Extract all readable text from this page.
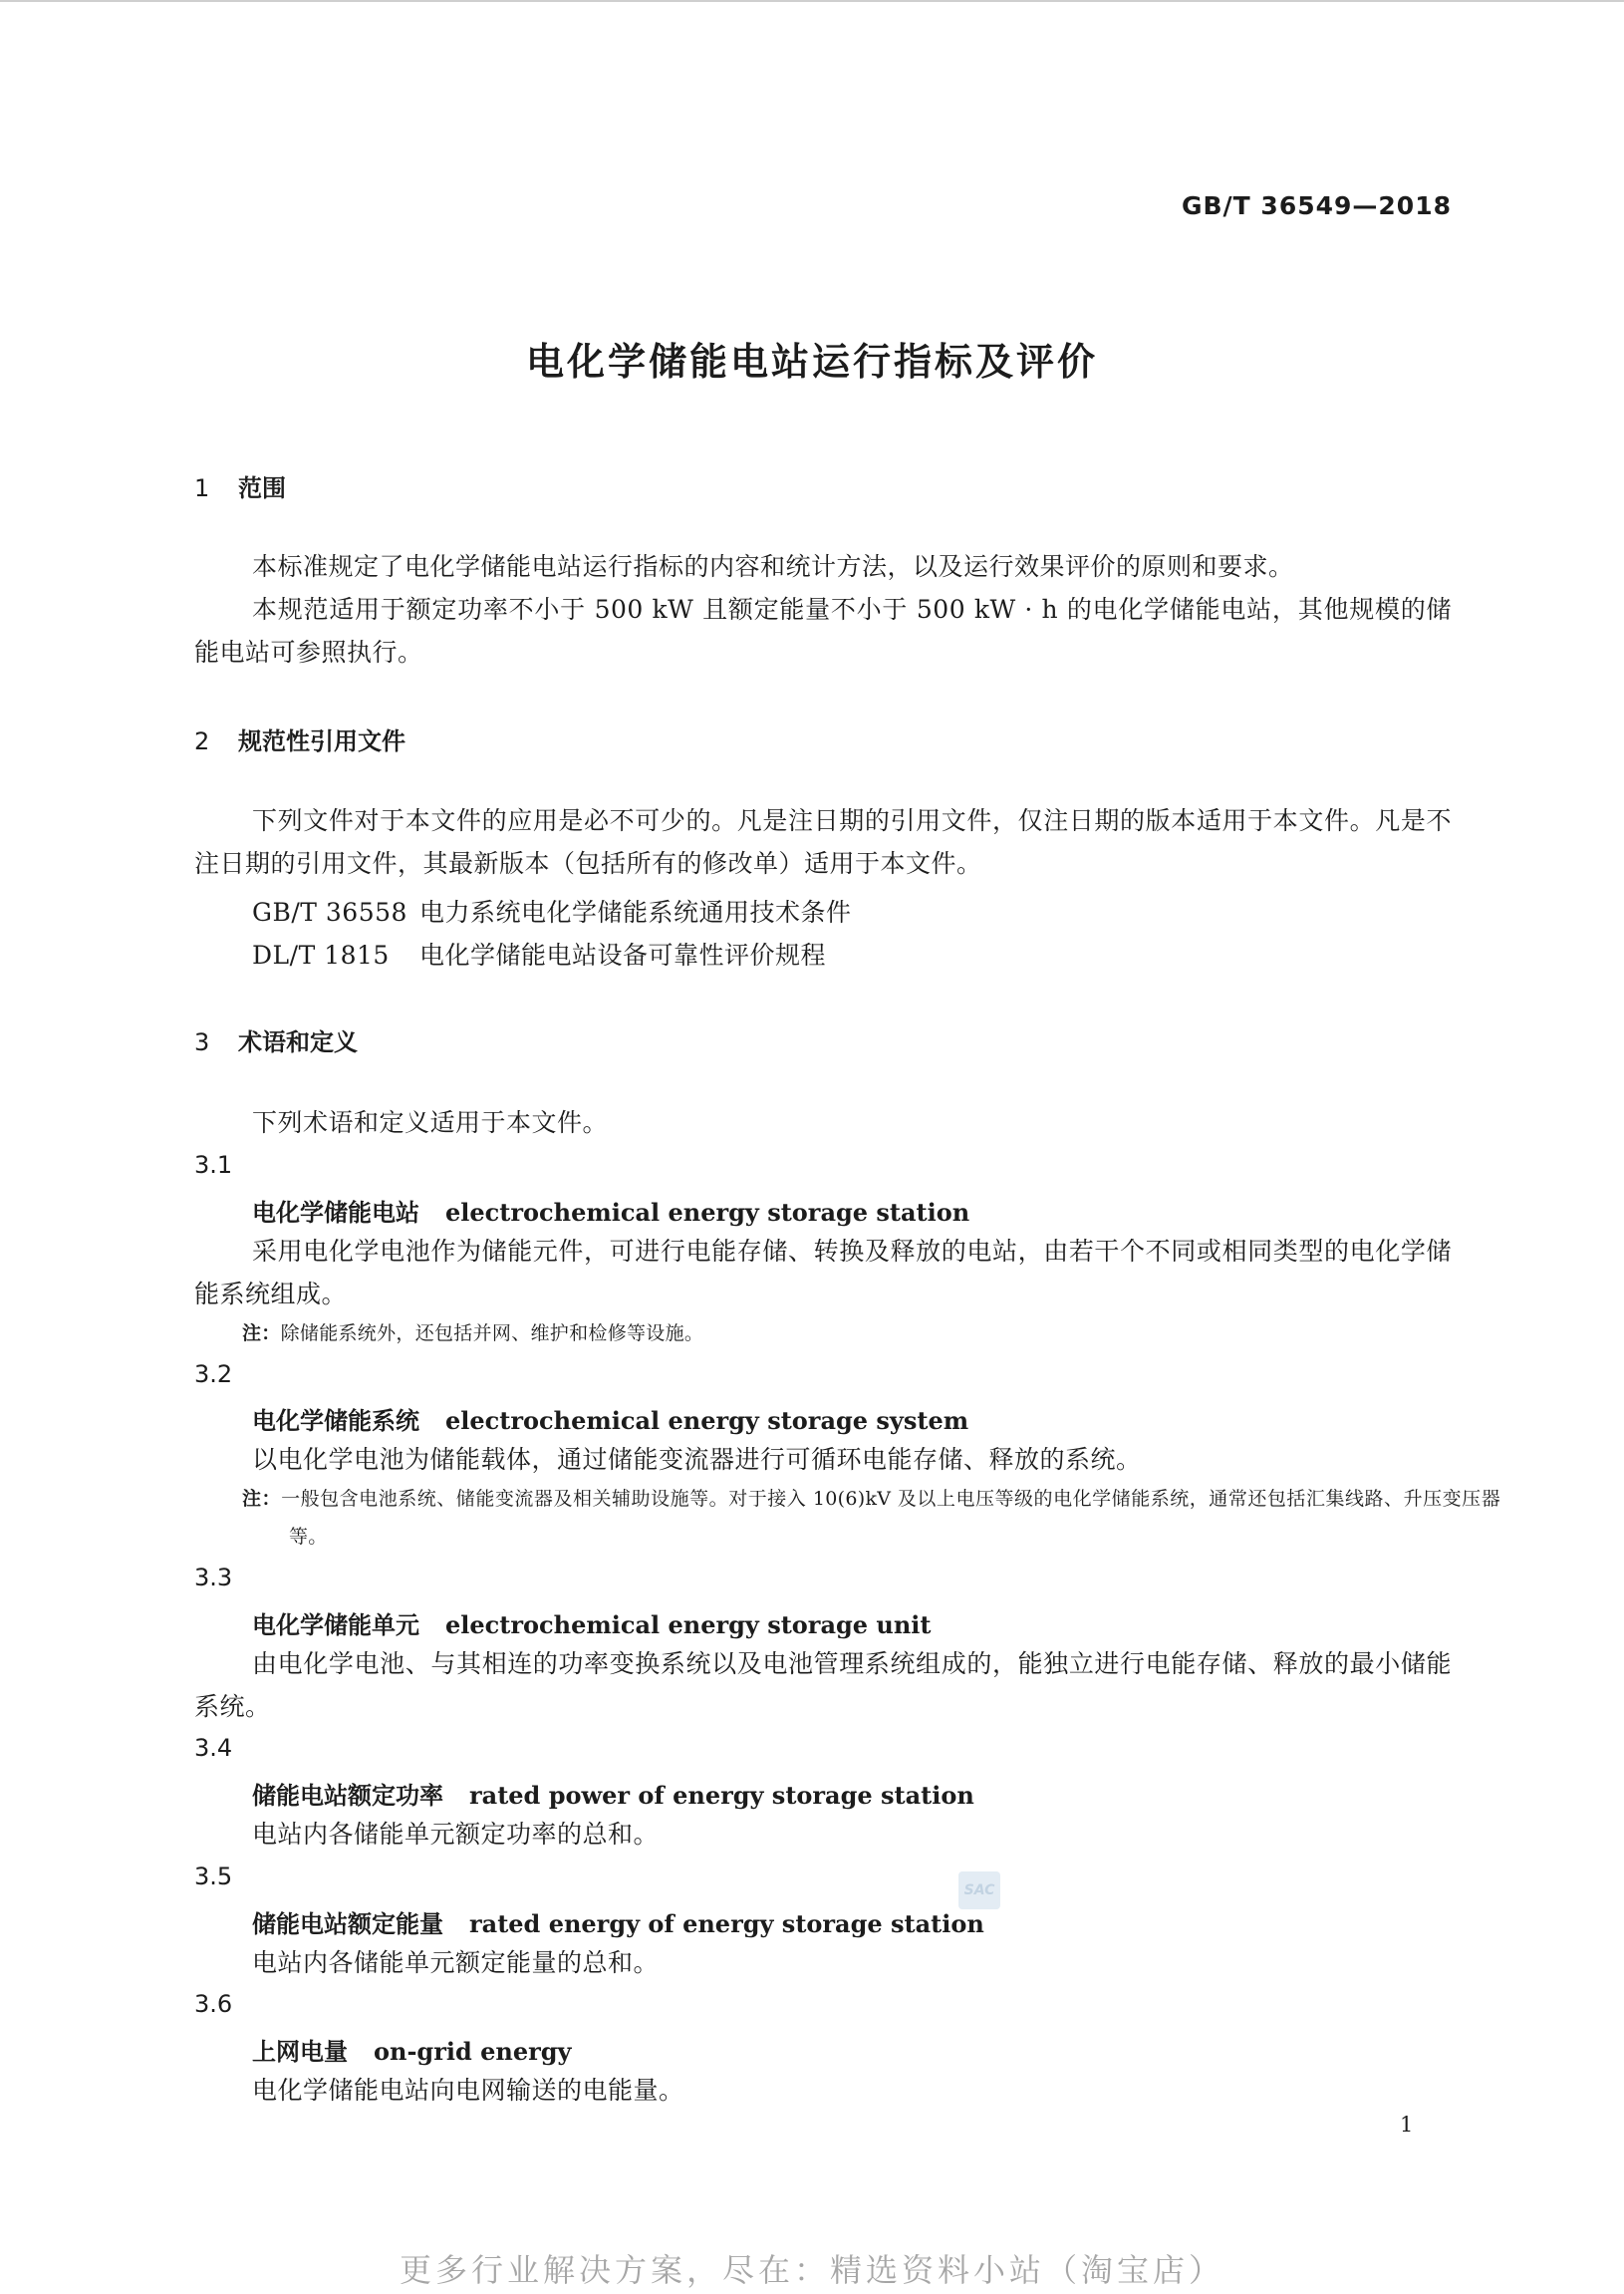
GB/T 36549—2018
电化学储能电站运行指标及评价
1 范围
本标准规定了电化学储能电站运行指标的内容和统计方法，以及运行效果评价的原则和要求。
本规范适用于额定功率不小于 500 kW 且额定能量不小于 500 kW · h 的电化学储能电站，其他规模的储能电站可参照执行。
2 规范性引用文件
下列文件对于本文件的应用是必不可少的。凡是注日期的引用文件，仅注日期的版本适用于本文件。凡是不注日期的引用文件，其最新版本（包括所有的修改单）适用于本文件。
GB/T 36558 电力系统电化学储能系统通用技术条件
DL/T 1815 电化学储能电站设备可靠性评价规程
3 术语和定义
下列术语和定义适用于本文件。
3.1
电化学储能电站 electrochemical energy storage station
采用电化学电池作为储能元件，可进行电能存储、转换及释放的电站，由若干个不同或相同类型的电化学储能系统组成。
注：除储能系统外，还包括并网、维护和检修等设施。
3.2
电化学储能系统 electrochemical energy storage system
以电化学电池为储能载体，通过储能变流器进行可循环电能存储、释放的系统。
注：一般包含电池系统、储能变流器及相关辅助设施等。对于接入 10(6)kV 及以上电压等级的电化学储能系统，通常还包括汇集线路、升压变压器等。
3.3
电化学储能单元 electrochemical energy storage unit
由电化学电池、与其相连的功率变换系统以及电池管理系统组成的，能独立进行电能存储、释放的最小储能系统。
3.4
储能电站额定功率 rated power of energy storage station
电站内各储能单元额定功率的总和。
3.5
储能电站额定能量 rated energy of energy storage station
电站内各储能单元额定能量的总和。
3.6
上网电量 on-grid energy
电化学储能电站向电网输送的电能量。
SAC
1
更多行业解决方案，尽在：精选资料小站（淘宝店）
